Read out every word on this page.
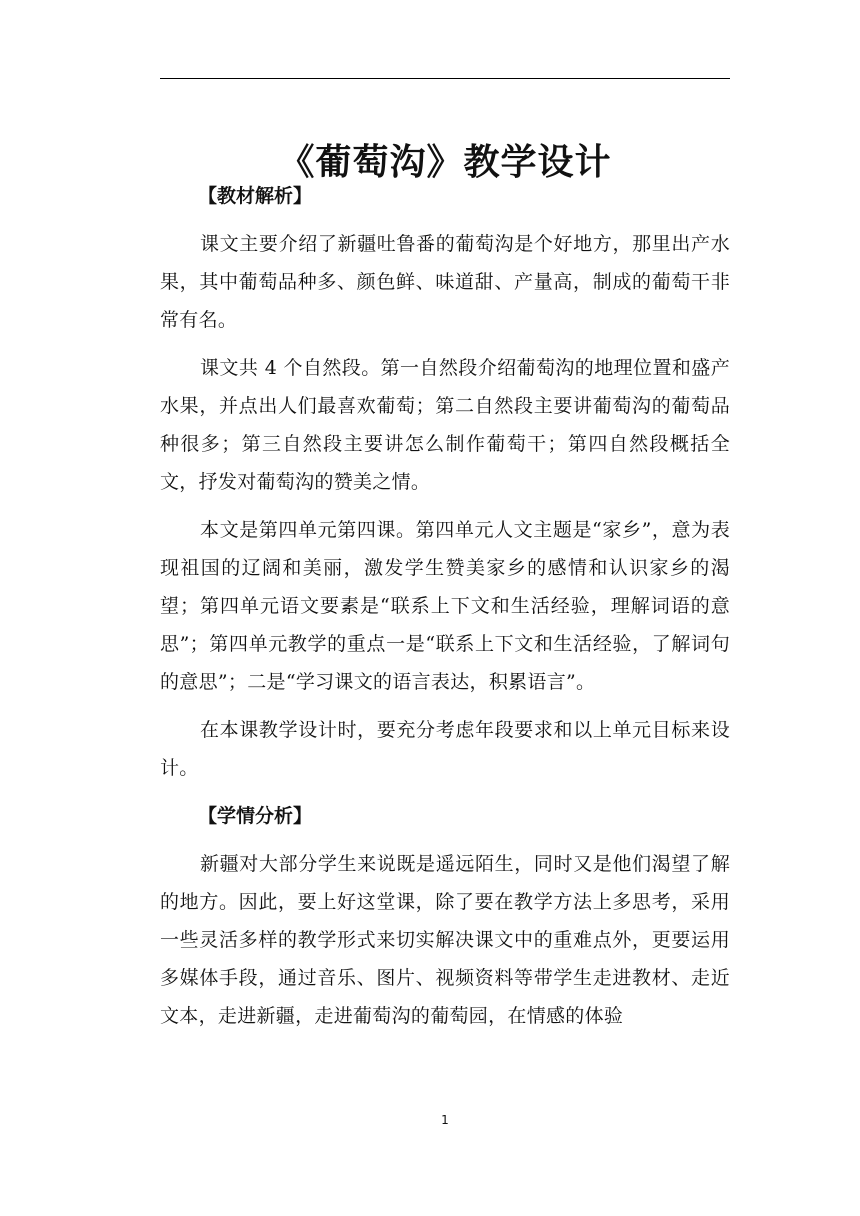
《葡萄沟》教学设计
【教材解析】

课文主要介绍了新疆吐鲁番的葡萄沟是个好地方，那里出产水果，其中葡萄品种多、颜色鲜、味道甜、产量高，制成的葡萄干非常有名。

课文共 4 个自然段。第一自然段介绍葡萄沟的地理位置和盛产水果，并点出人们最喜欢葡萄；第二自然段主要讲葡萄沟的葡萄品种很多；第三自然段主要讲怎么制作葡萄干；第四自然段概括全文，抒发对葡萄沟的赞美之情。

本文是第四单元第四课。第四单元人文主题是“家乡”，意为表现祖国的辽阔和美丽，激发学生赞美家乡的感情和认识家乡的渴望；第四单元语文要素是“联系上下文和生活经验，理解词语的意思”；第四单元教学的重点一是“联系上下文和生活经验，了解词句的意思”；二是“学习课文的语言表达，积累语言”。

在本课教学设计时，要充分考虑年段要求和以上单元目标来设计。

【学情分析】

新疆对大部分学生来说既是遥远陌生，同时又是他们渴望了解的地方。因此，要上好这堂课，除了要在教学方法上多思考，采用一些灵活多样的教学形式来切实解决课文中的重难点外，更要运用多媒体手段，通过音乐、图片、视频资料等带学生走进教材、走近文本，走进新疆，走进葡萄沟的葡萄园，在情感的体验

1
